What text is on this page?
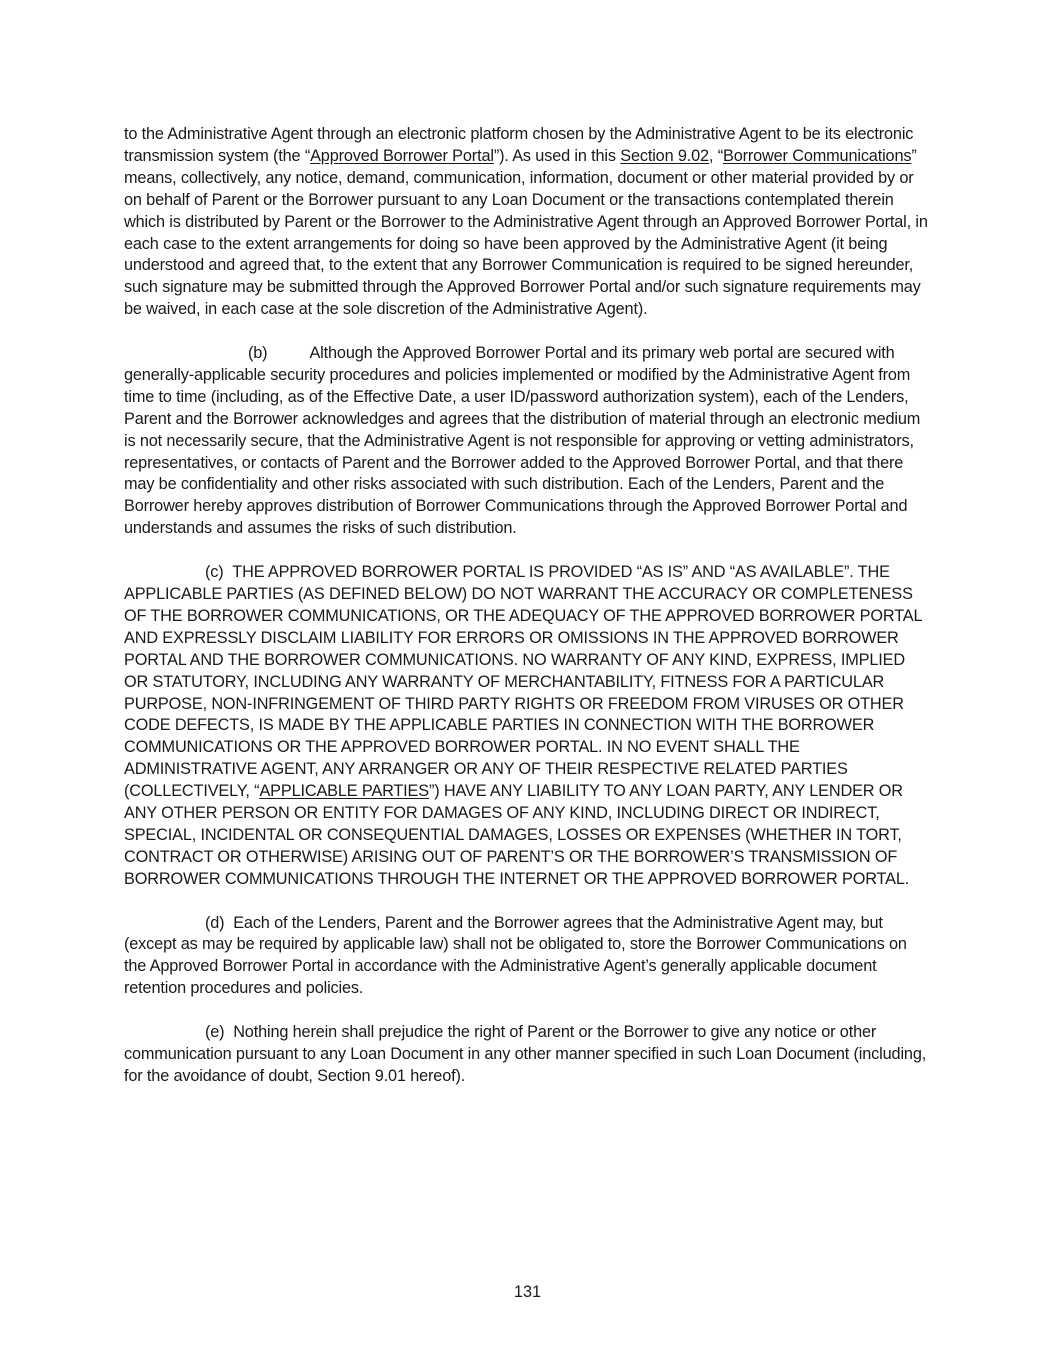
to the Administrative Agent through an electronic platform chosen by the Administrative Agent to be its electronic transmission system (the “Approved Borrower Portal”). As used in this Section 9.02, “Borrower Communications” means, collectively, any notice, demand, communication, information, document or other material provided by or on behalf of Parent or the Borrower pursuant to any Loan Document or the transactions contemplated therein which is distributed by Parent or the Borrower to the Administrative Agent through an Approved Borrower Portal, in each case to the extent arrangements for doing so have been approved by the Administrative Agent (it being understood and agreed that, to the extent that any Borrower Communication is required to be signed hereunder, such signature may be submitted through the Approved Borrower Portal and/or such signature requirements may be waived, in each case at the sole discretion of the Administrative Agent).

(b)	Although the Approved Borrower Portal and its primary web portal are secured with generally-applicable security procedures and policies implemented or modified by the Administrative Agent from time to time (including, as of the Effective Date, a user ID/password authorization system), each of the Lenders, Parent and the Borrower acknowledges and agrees that the distribution of material through an electronic medium is not necessarily secure, that the Administrative Agent is not responsible for approving or vetting administrators, representatives, or contacts of Parent and the Borrower added to the Approved Borrower Portal, and that there may be confidentiality and other risks associated with such distribution. Each of the Lenders, Parent and the Borrower hereby approves distribution of Borrower Communications through the Approved Borrower Portal and understands and assumes the risks of such distribution.

(c) THE APPROVED BORROWER PORTAL IS PROVIDED “AS IS” AND “AS AVAILABLE”. THE APPLICABLE PARTIES (AS DEFINED BELOW) DO NOT WARRANT THE ACCURACY OR COMPLETENESS OF THE BORROWER COMMUNICATIONS, OR THE ADEQUACY OF THE APPROVED BORROWER PORTAL AND EXPRESSLY DISCLAIM LIABILITY FOR ERRORS OR OMISSIONS IN THE APPROVED BORROWER PORTAL AND THE BORROWER COMMUNICATIONS. NO WARRANTY OF ANY KIND, EXPRESS, IMPLIED OR STATUTORY, INCLUDING ANY WARRANTY OF MERCHANTABILITY, FITNESS FOR A PARTICULAR PURPOSE, NON-INFRINGEMENT OF THIRD PARTY RIGHTS OR FREEDOM FROM VIRUSES OR OTHER CODE DEFECTS, IS MADE BY THE APPLICABLE PARTIES IN CONNECTION WITH THE BORROWER COMMUNICATIONS OR THE APPROVED BORROWER PORTAL. IN NO EVENT SHALL THE ADMINISTRATIVE AGENT, ANY ARRANGER OR ANY OF THEIR RESPECTIVE RELATED PARTIES (COLLECTIVELY, “APPLICABLE PARTIES”) HAVE ANY LIABILITY TO ANY LOAN PARTY, ANY LENDER OR ANY OTHER PERSON OR ENTITY FOR DAMAGES OF ANY KIND, INCLUDING DIRECT OR INDIRECT, SPECIAL, INCIDENTAL OR CONSEQUENTIAL DAMAGES, LOSSES OR EXPENSES (WHETHER IN TORT, CONTRACT OR OTHERWISE) ARISING OUT OF PARENT’S OR THE BORROWER’S TRANSMISSION OF BORROWER COMMUNICATIONS THROUGH THE INTERNET OR THE APPROVED BORROWER PORTAL.

(d) Each of the Lenders, Parent and the Borrower agrees that the Administrative Agent may, but (except as may be required by applicable law) shall not be obligated to, store the Borrower Communications on the Approved Borrower Portal in accordance with the Administrative Agent’s generally applicable document retention procedures and policies.

(e) Nothing herein shall prejudice the right of Parent or the Borrower to give any notice or other communication pursuant to any Loan Document in any other manner specified in such Loan Document (including, for the avoidance of doubt, Section 9.01 hereof).

131
